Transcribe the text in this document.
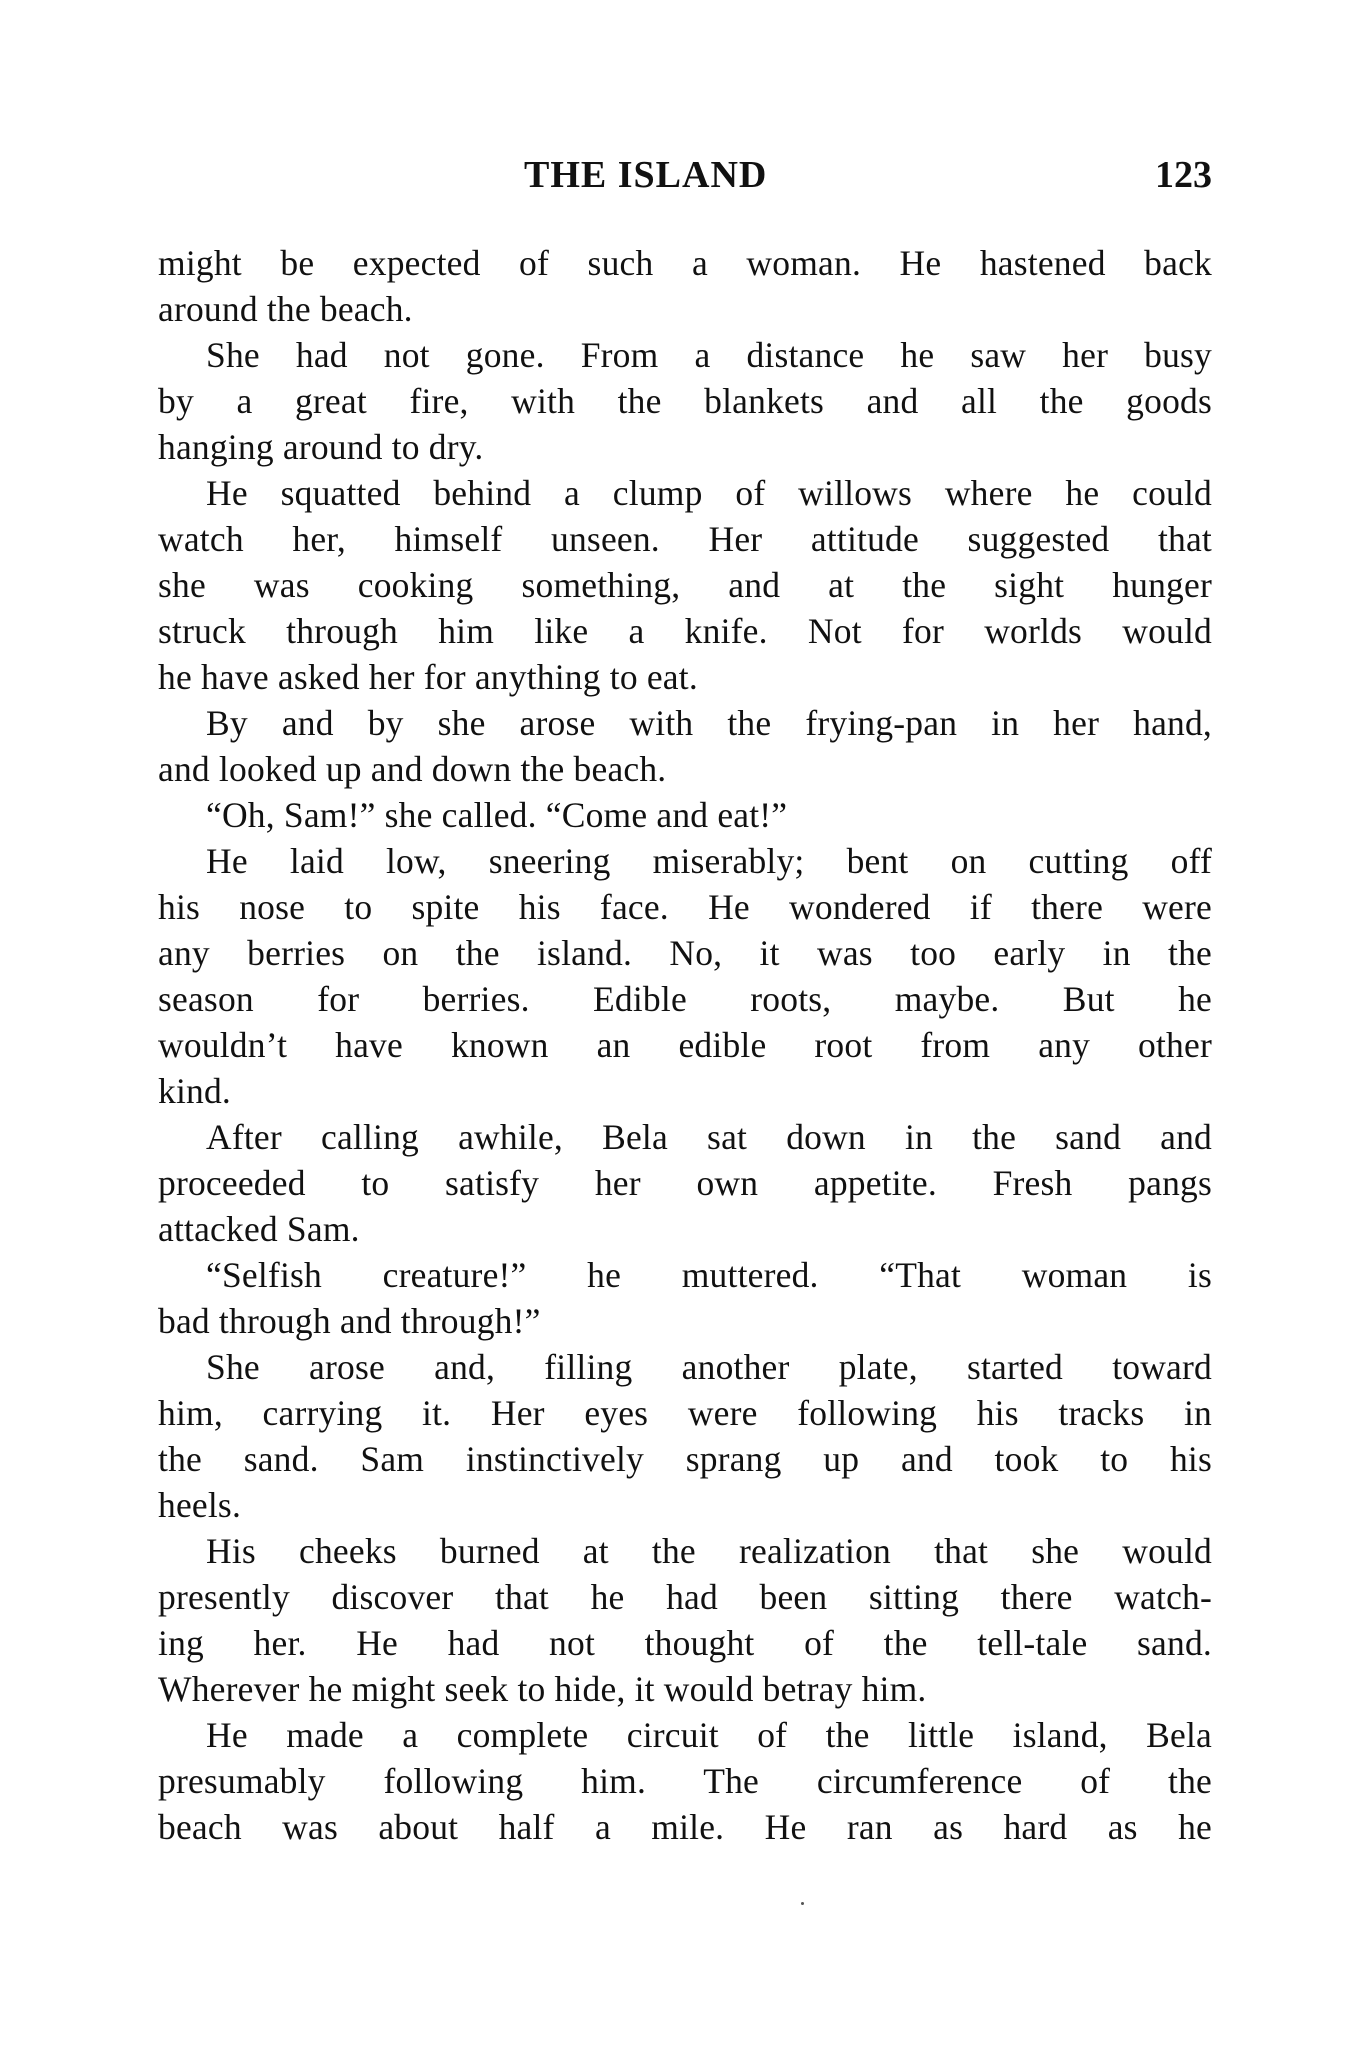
THE ISLAND	123
might be expected of such a woman. He hastened back
around the beach.
She had not gone. From a distance he saw her busy
by a great fire, with the blankets and all the goods
hanging around to dry.
He squatted behind a clump of willows where he could
watch her, himself unseen. Her attitude suggested that
she was cooking something, and at the sight hunger
struck through him like a knife. Not for worlds would
he have asked her for anything to eat.
By and by she arose with the frying-pan in her hand,
and looked up and down the beach.
“Oh, Sam!” she called. “Come and eat!”
He laid low, sneering miserably; bent on cutting off
his nose to spite his face. He wondered if there were
any berries on the island. No, it was too early in the
season for berries. Edible roots, maybe. But he
wouldn’t have known an edible root from any other
kind.
After calling awhile, Bela sat down in the sand and
proceeded to satisfy her own appetite. Fresh pangs
attacked Sam.
“Selfish creature!” he muttered. “That woman is
bad through and through!”
She arose and, filling another plate, started toward
him, carrying it. Her eyes were following his tracks in
the sand. Sam instinctively sprang up and took to his
heels.
His cheeks burned at the realization that she would
presently discover that he had been sitting there watch-
ing her. He had not thought of the tell-tale sand.
Wherever he might seek to hide, it would betray him.
He made a complete circuit of the little island, Bela
presumably following him. The circumference of the
beach was about half a mile. He ran as hard as he
